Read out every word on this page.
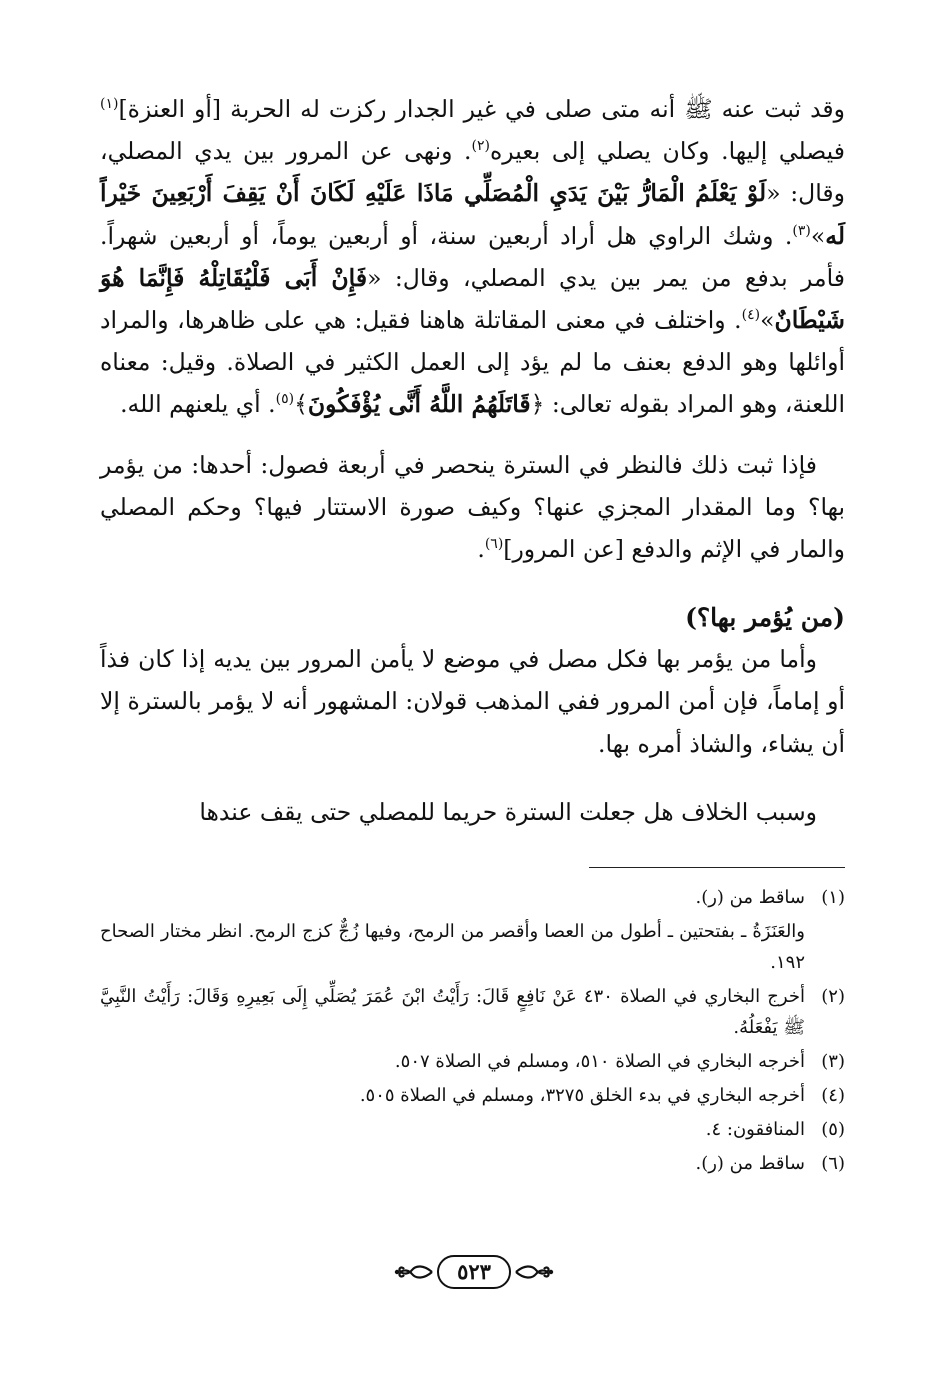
وقد ثبت عنه ﷺ أنه متى صلى في غير الجدار ركزت له الحربة [أو العنزة]$^{(١)}$ فيصلي إليها. وكان يصلي إلى بعيره$^{(٢)}$. ونهى عن المرور بين يدي المصلي، وقال: «لَوْ يَعْلَمُ الْمَارُّ بَيْنَ يَدَيِ الْمُصَلِّي مَاذَا عَلَيْهِ لَكَانَ أَنْ يَقِفَ أَرْبَعِينَ خَيْراً لَه»$^{(٣)}$. وشك الراوي هل أراد أربعين سنة، أو أربعين يوماً، أو أربعين شهراً. فأمر بدفع من يمر بين يدي المصلي، وقال: «فَإِنْ أَبَى فَلْيُقَاتِلْهُ فَإِنَّمَا هُوَ شَيْطَانٌ»$^{(٤)}$. واختلف في معنى المقاتلة هاهنا فقيل: هي على ظاهرها، والمراد أوائلها وهو الدفع بعنف ما لم يؤد إلى العمل الكثير في الصلاة. وقيل: معناه اللعنة، وهو المراد بقوله تعالى: ﴿قَاتَلَهُمُ اللَّهُ أَنَّى يُؤْفَكُونَ﴾$^{(٥)}$. أي يلعنهم الله.

فإذا ثبت ذلك فالنظر في السترة ينحصر في أربعة فصول: أحدها: من يؤمر بها؟ وما المقدار المجزي عنها؟ وكيف صورة الاستتار فيها؟ وحكم المصلي والمار في الإثم والدفع [عن المرور]$^{(٦)}$.

(من يُؤمر بها؟)

وأما من يؤمر بها فكل مصل في موضع لا يأمن المرور بين يديه إذا كان فذاً أو إماماً، فإن أمن المرور ففي المذهب قولان: المشهور أنه لا يؤمر بالسترة إلا أن يشاء، والشاذ أمره بها.

وسبب الخلاف هل جعلت السترة حريما للمصلي حتى يقف عندها

(١)
ساقط من (ر).
والعَنَزَةُ ـ بفتحتين ـ أطول من العصا وأقصر من الرمح، وفيها زُجٌّ كزج الرمح. انظر مختار الصحاح ١٩٢.
(٢)
أخرج البخاري في الصلاة ٤٣٠ عَنْ نَافِعٍ قَالَ: رَأَيْتُ ابْنَ عُمَرَ يُصَلِّي إِلَى بَعِيرِهِ وَقَالَ: رَأَيْتُ النَّبِيَّ ﷺ يَفْعَلُهُ.
(٣)
أخرجه البخاري في الصلاة ٥١٠، ومسلم في الصلاة ٥٠٧.
(٤)
أخرجه البخاري في بدء الخلق ٣٢٧٥، ومسلم في الصلاة ٥٠٥.
(٥)
المنافقون: ٤.
(٦)
ساقط من (ر).
٥٢٣
